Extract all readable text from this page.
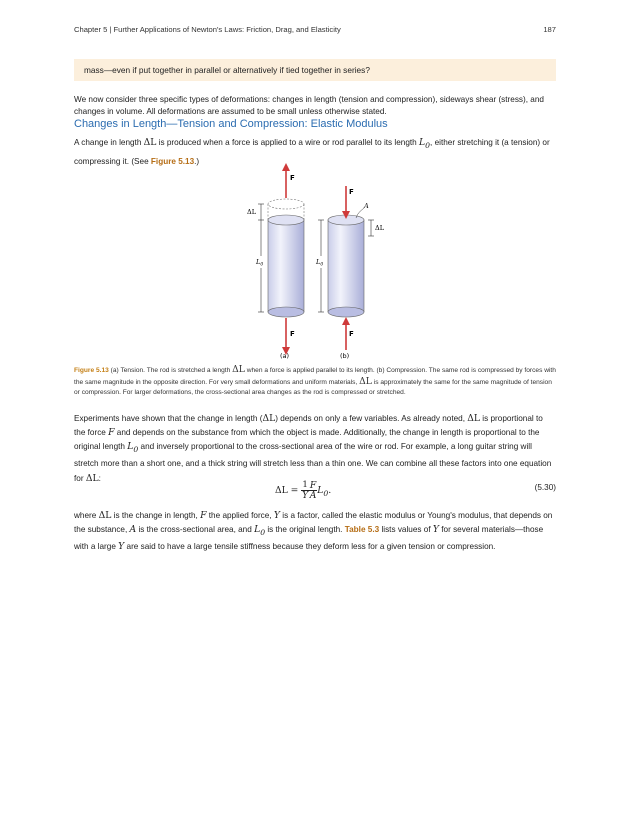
Chapter 5 | Further Applications of Newton's Laws: Friction, Drag, and Elasticity	187
mass—even if put together in parallel or alternatively if tied together in series?

We now consider three specific types of deformations: changes in length (tension and compression), sideways shear (stress), and changes in volume. All deformations are assumed to be small unless otherwise stated.

Changes in Length—Tension and Compression: Elastic Modulus

A change in length ΔL is produced when a force is applied to a wire or rod parallel to its length $L_0$, either stretching it (a tension) or compressing it. (See Figure 5.13.)

F
F
ΔL
$L_0$
(a)
F
F
A
ΔL
$L_0$
(b)

Figure 5.13 (a) Tension. The rod is stretched a length ΔL when a force is applied parallel to its length. (b) Compression. The same rod is compressed by forces with the same magnitude in the opposite direction. For very small deformations and uniform materials, ΔL is approximately the same for the same magnitude of tension or compression. For larger deformations, the cross-sectional area changes as the rod is compressed or stretched.

Experiments have shown that the change in length (ΔL) depends on only a few variables. As already noted, ΔL is proportional to the force F and depends on the substance from which the object is made. Additionally, the change in length is proportional to the original length $L_0$ and inversely proportional to the cross-sectional area of the wire or rod. For example, a long guitar string will stretch more than a short one, and a thick string will stretch less than a thin one. We can combine all these factors into one equation for ΔL:

$\Delta L = \frac{1}{Y} \frac{F}{A} L_0$.	(5.30)

where ΔL is the change in length, F the applied force, Y is a factor, called the elastic modulus or Young's modulus, that depends on the substance, A is the cross-sectional area, and $L_0$ is the original length. Table 5.3 lists values of Y for several materials—those with a large Y are said to have a large tensile stiffness because they deform less for a given tension or compression.
